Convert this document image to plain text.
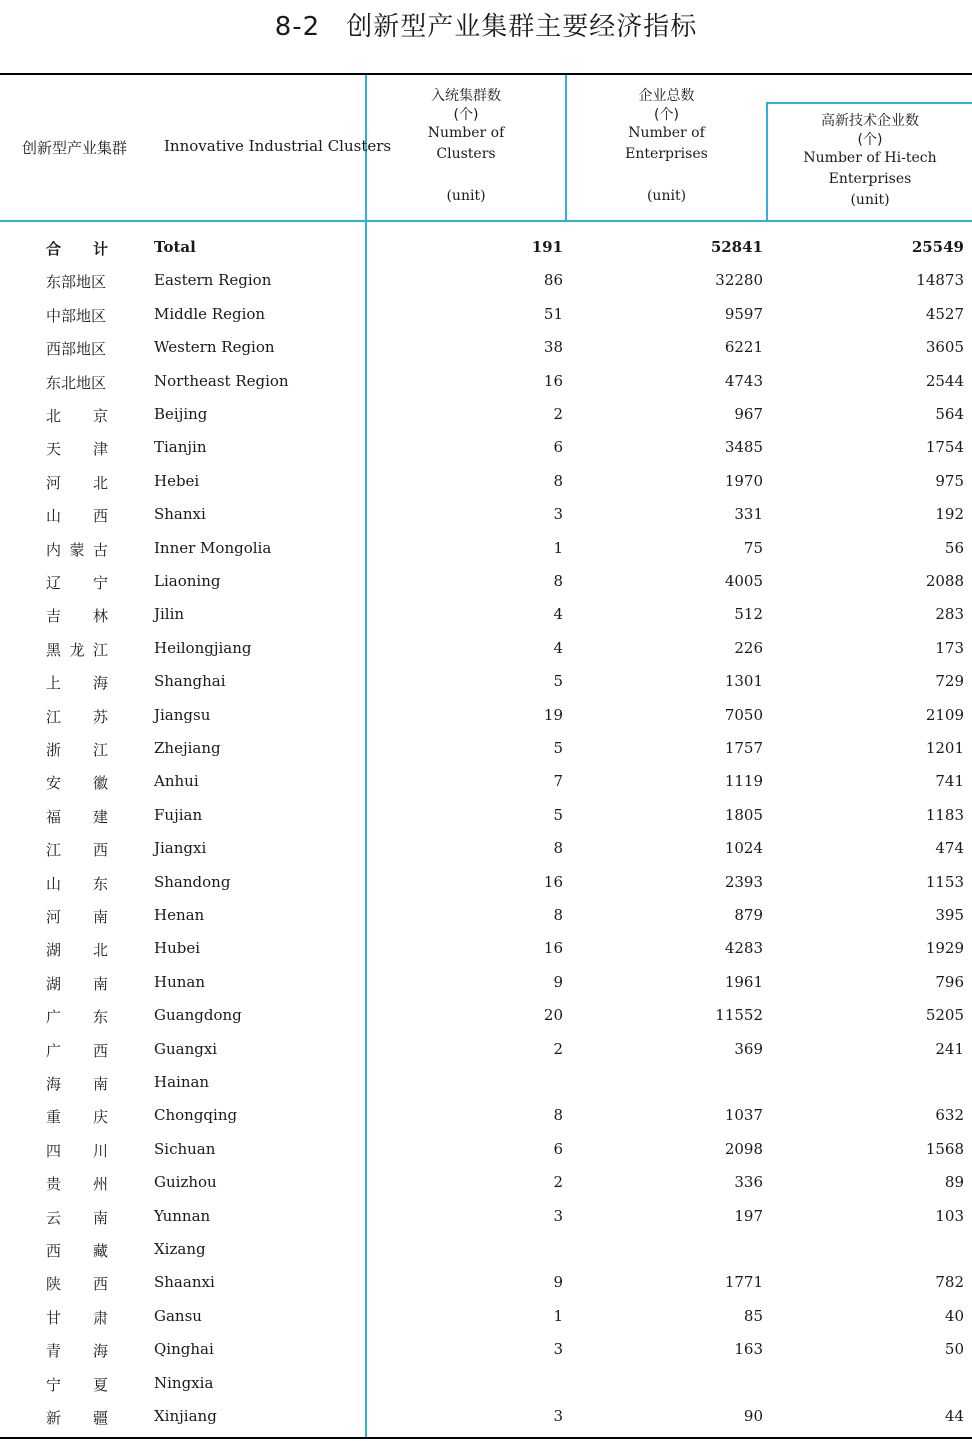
8-2 创新型产业集群主要经济指标
创新型产业集群 Innovative Industrial Clusters
入统集群数
(个)
Number of
Clusters
(unit)
企业总数
(个)
Number of
Enterprises
(unit)
高新技术企业数
(个)
Number of Hi-tech
Enterprises
(unit)
合 计	Total	191	52841	25549
东部地区	Eastern Region	86	32280	14873
中部地区	Middle Region	51	9597	4527
西部地区	Western Region	38	6221	3605
东北地区	Northeast Region	16	4743	2544
北 京	Beijing	2	967	564
天 津	Tianjin	6	3485	1754
河 北	Hebei	8	1970	975
山 西	Shanxi	3	331	192
内 蒙 古	Inner Mongolia	1	75	56
辽 宁	Liaoning	8	4005	2088
吉 林	Jilin	4	512	283
黑 龙 江	Heilongjiang	4	226	173
上 海	Shanghai	5	1301	729
江 苏	Jiangsu	19	7050	2109
浙 江	Zhejiang	5	1757	1201
安 徽	Anhui	7	1119	741
福 建	Fujian	5	1805	1183
江 西	Jiangxi	8	1024	474
山 东	Shandong	16	2393	1153
河 南	Henan	8	879	395
湖 北	Hubei	16	4283	1929
湖 南	Hunan	9	1961	796
广 东	Guangdong	20	11552	5205
广 西	Guangxi	2	369	241
海 南	Hainan
重 庆	Chongqing	8	1037	632
四 川	Sichuan	6	2098	1568
贵 州	Guizhou	2	336	89
云 南	Yunnan	3	197	103
西 藏	Xizang
陕 西	Shaanxi	9	1771	782
甘 肃	Gansu	1	85	40
青 海	Qinghai	3	163	50
宁 夏	Ningxia
新 疆	Xinjiang	3	90	44
